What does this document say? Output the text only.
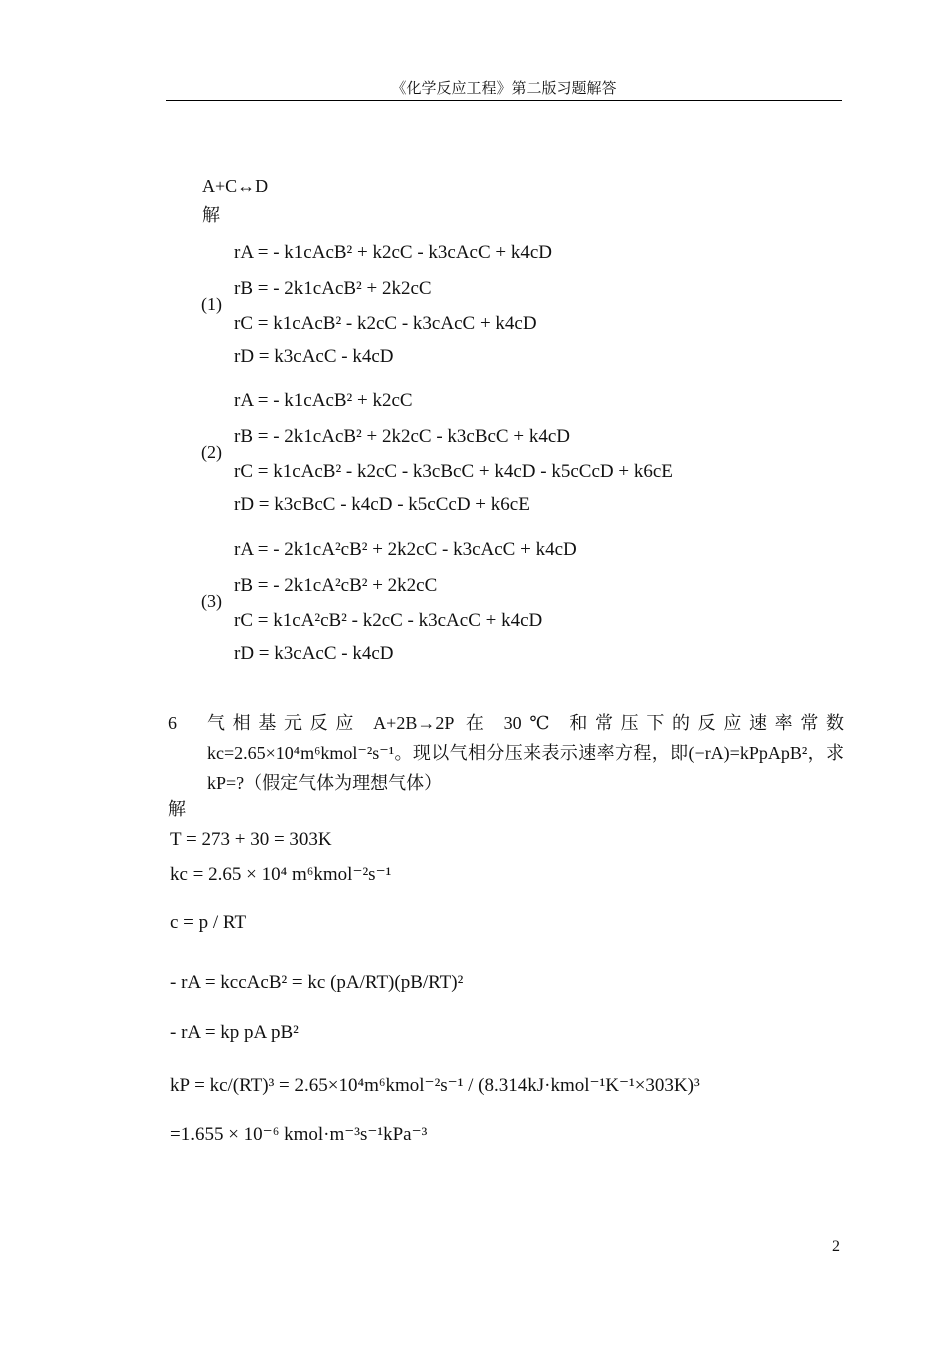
《化学反应工程》第二版习题解答
A+C↔D
解
(1)
rA = - k1cAcB² + k2cC - k3cAcC + k4cD
rB = - 2k1cAcB² + 2k2cC
rC = k1cAcB² - k2cC - k3cAcC + k4cD
rD = k3cAcC - k4cD
(2)
rA = - k1cAcB² + k2cC
rB = - 2k1cAcB² + 2k2cC - k3cBcC + k4cD
rC = k1cAcB² - k2cC - k3cBcC + k4cD - k5cCcD + k6cE
rD = k3cBcC - k4cD - k5cCcD + k6cE
(3)
rA = - 2k1cA²cB² + 2k2cC - k3cAcC + k4cD
rB = - 2k1cA²cB² + 2k2cC
rC = k1cA²cB² - k2cC - k3cAcC + k4cD
rD = k3cAcC - k4cD
6 气相基元反应 A+2B→2P 在 30℃ 和常压下的反应速率常数 kc=2.65×10⁴m⁶kmol⁻²s⁻¹。现以气相分压来表示速率方程，即(−rA)=kPpApB²，求 kP=?（假定气体为理想气体）
解
T = 273 + 30 = 303K
kc = 2.65 × 10⁴ m⁶kmol⁻²s⁻¹
c = p / RT
- rA = kccAcB² = kc (pA/RT)(pB/RT)²
- rA = kp pA pB²
kP = kc/(RT)³ = 2.65×10⁴m⁶kmol⁻²s⁻¹ / (8.314kJ·kmol⁻¹K⁻¹×303K)³
=1.655 × 10⁻⁶ kmol·m⁻³s⁻¹kPa⁻³
2
